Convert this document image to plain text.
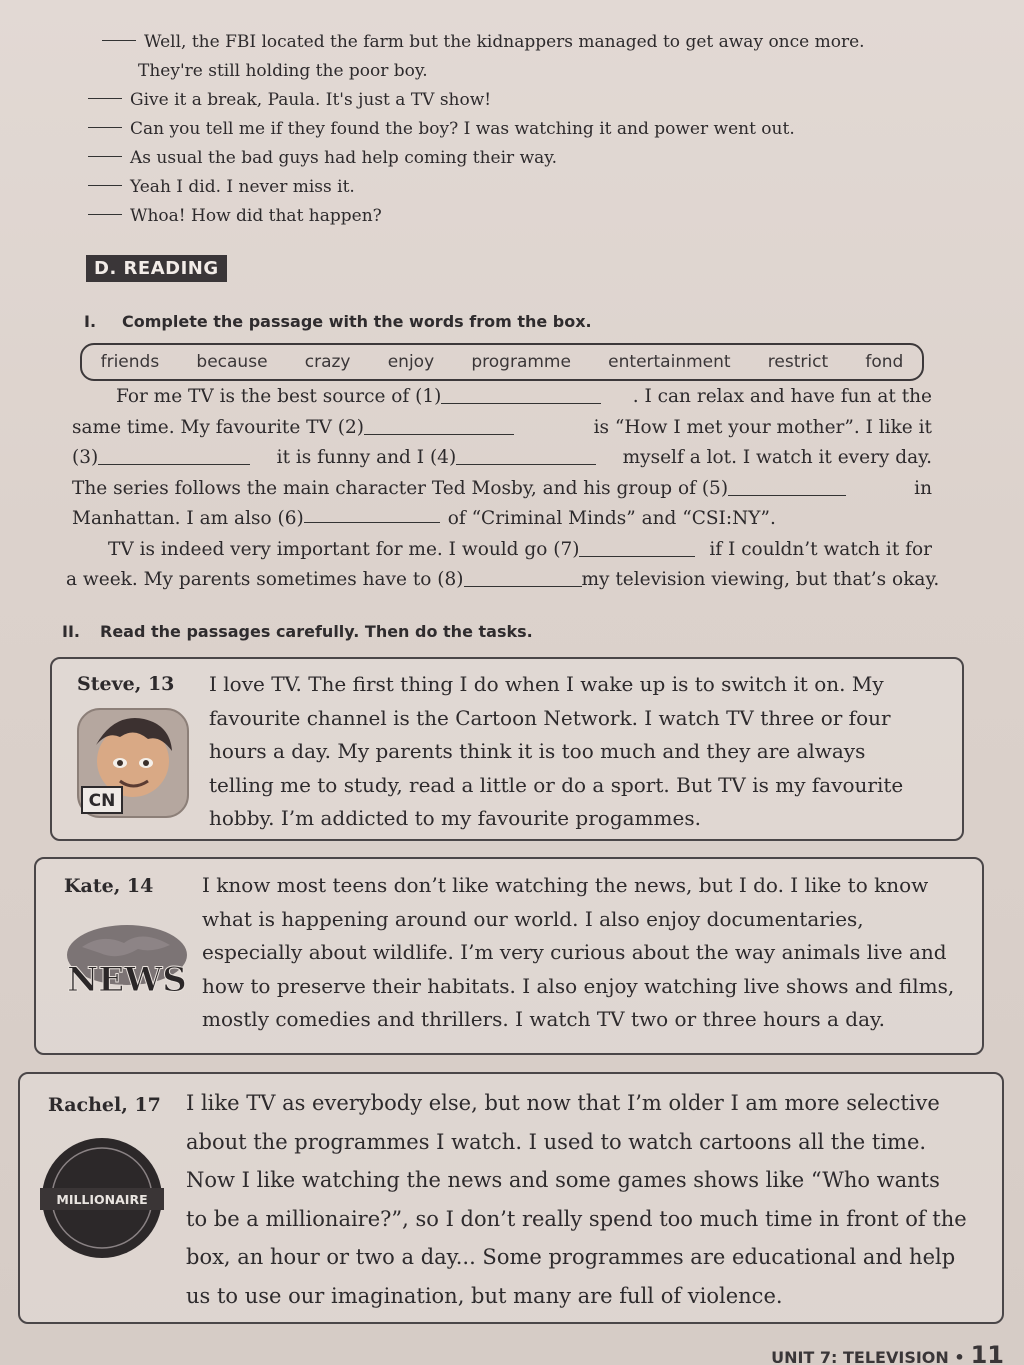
Well, the FBI located the farm but the kidnappers managed to get away once more.
They're still holding the poor boy.
Give it a break, Paula. It's just a TV show!
Can you tell me if they found the boy? I was watching it and power went out.
As usual the bad guys had help coming their way.
Yeah I did. I never miss it.
Whoa! How did that happen?
D. READING
I. Complete the passage with the words from the box.
friends because crazy enjoy programme entertainment restrict fond
For me TV is the best source of (1)	. I can relax and have fun at the
same time. My favourite TV (2)	is “How I met your mother”. I like it
(3)	it is funny and I (4)	myself a lot. I watch it every day.
The series follows the main character Ted Mosby, and his group of (5)	in
Manhattan. I am also (6)	of “Criminal Minds” and “CSI:NY”.
TV is indeed very important for me. I would go (7)	if I couldn’t watch it for
a week. My parents sometimes have to (8)	my television viewing, but that’s okay.
II. Read the passages carefully. Then do the tasks.
Steve, 13
CN
I love TV. The first thing I do when I wake up is to switch it on. My
favourite channel is the Cartoon Network. I watch TV three or four
hours a day. My parents think it is too much and they are always
telling me to study, read a little or do a sport. But TV is my favourite
hobby. I’m addicted to my favourite progammes.
Kate, 14
NEWS
I know most teens don’t like watching the news, but I do. I like to know
what is happening around our world. I also enjoy documentaries,
especially about wildlife. I’m very curious about the way animals live and
how to preserve their habitats. I also enjoy watching live shows and films,
mostly comedies and thrillers. I watch TV two or three hours a day.
Rachel, 17
MILLIONAIRE
I like TV as everybody else, but now that I’m older I am more selective
about the programmes I watch. I used to watch cartoons all the time.
Now I like watching the news and some games shows like “Who wants
to be a millionaire?”, so I don’t really spend too much time in front of the
box, an hour or two a day... Some programmes are educational and help
us to use our imagination, but many are full of violence.
UNIT 7: TELEVISION • 11
